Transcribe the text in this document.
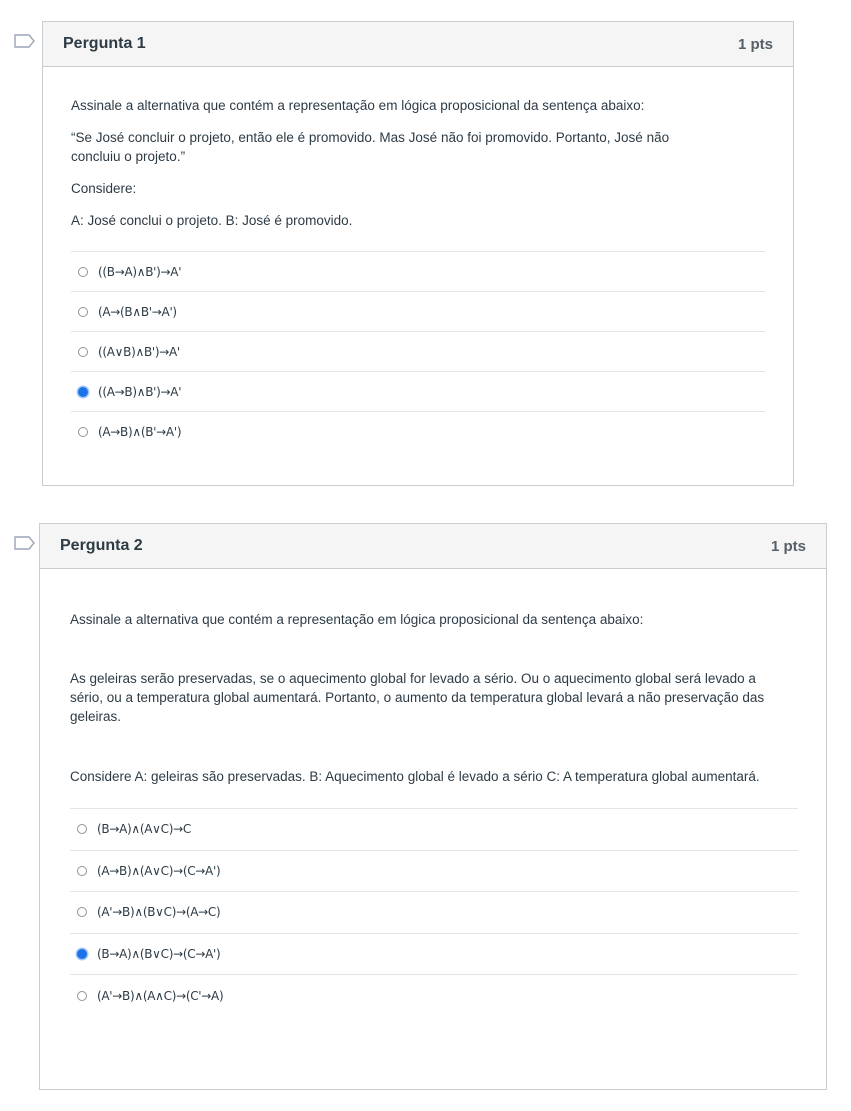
Pergunta 1	1 pts

Assinale a alternativa que contém a representação em lógica proposicional da sentença abaixo:

“Se José concluir o projeto, então ele é promovido. Mas José não foi promovido. Portanto, José não concluiu o projeto.”

Considere:

A: José conclui o projeto. B: José é promovido.

((B→A)∧B')→A'
(A→(B∧B'→A')
((A∨B)∧B')→A'
((A→B)∧B')→A'
(A→B)∧(B'→A')
Pergunta 2	1 pts

Assinale a alternativa que contém a representação em lógica proposicional da sentença abaixo:

As geleiras serão preservadas, se o aquecimento global for levado a sério. Ou o aquecimento global será levado a sério, ou a temperatura global aumentará. Portanto, o aumento da temperatura global levará a não preservação das geleiras.

Considere A: geleiras são preservadas. B: Aquecimento global é levado a sério C: A temperatura global aumentará.

(B→A)∧(A∨C)→C
(A→B)∧(A∨C)→(C→A')
(A'→B)∧(B∨C)→(A→C)
(B→A)∧(B∨C)→(C→A')
(A'→B)∧(A∧C)→(C'→A)
